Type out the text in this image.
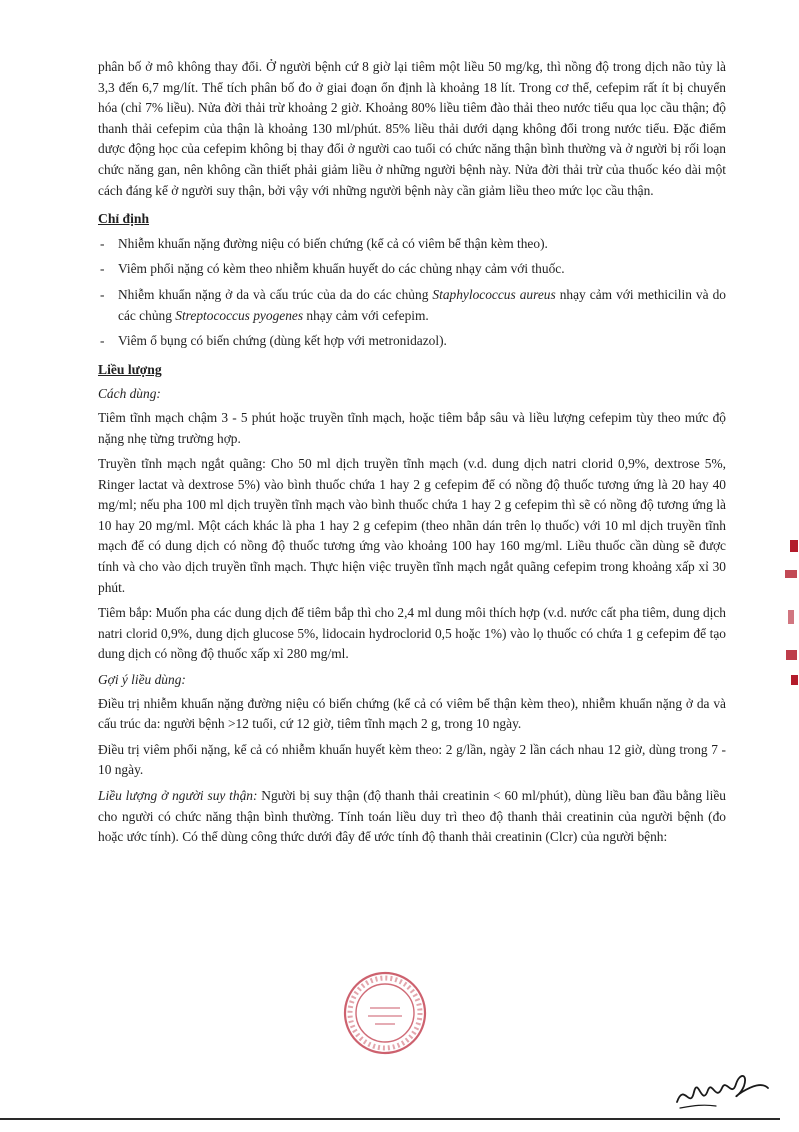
phân bố ở mô không thay đổi. Ở người bệnh cứ 8 giờ lại tiêm một liều 50 mg/kg, thì nồng độ trong dịch não tủy là 3,3 đến 6,7 mg/lít. Thể tích phân bố đo ở giai đoạn ổn định là khoảng 18 lít. Trong cơ thể, cefepim rất ít bị chuyển hóa (chỉ 7% liều). Nửa đời thải trừ khoảng 2 giờ. Khoảng 80% liều tiêm đào thải theo nước tiểu qua lọc cầu thận; độ thanh thải cefepim của thận là khoảng 130 ml/phút. 85% liều thải dưới dạng không đổi trong nước tiểu. Đặc điểm dược động học của cefepim không bị thay đổi ở người cao tuổi có chức năng thận bình thường và ở người bị rối loạn chức năng gan, nên không cần thiết phải giảm liều ở những người bệnh này. Nửa đời thải trừ của thuốc kéo dài một cách đáng kể ở người suy thận, bởi vậy với những người bệnh này cần giảm liều theo mức lọc cầu thận.

Chỉ định
- Nhiễm khuẩn nặng đường niệu có biến chứng (kể cả có viêm bể thận kèm theo).
- Viêm phổi nặng có kèm theo nhiễm khuẩn huyết do các chủng nhạy cảm với thuốc.
- Nhiễm khuẩn nặng ở da và cấu trúc của da do các chủng Staphylococcus aureus nhạy cảm với methicilin và do các chủng Streptococcus pyogenes nhạy cảm với cefepim.
- Viêm ổ bụng có biến chứng (dùng kết hợp với metronidazol).
Liều lượng
Cách dùng:

Tiêm tĩnh mạch chậm 3 - 5 phút hoặc truyền tĩnh mạch, hoặc tiêm bắp sâu và liều lượng cefepim tùy theo mức độ nặng nhẹ từng trường hợp.

Truyền tĩnh mạch ngắt quãng: Cho 50 ml dịch truyền tĩnh mạch (v.d. dung dịch natri clorid 0,9%, dextrose 5%, Ringer lactat và dextrose 5%) vào bình thuốc chứa 1 hay 2 g cefepim để có nồng độ thuốc tương ứng là 20 hay 40 mg/ml; nếu pha 100 ml dịch truyền tĩnh mạch vào bình thuốc chứa 1 hay 2 g cefepim thì sẽ có nồng độ tương ứng là 10 hay 20 mg/ml. Một cách khác là pha 1 hay 2 g cefepim (theo nhãn dán trên lọ thuốc) với 10 ml dịch truyền tĩnh mạch để có dung dịch có nồng độ thuốc tương ứng vào khoảng 100 hay 160 mg/ml. Liều thuốc cần dùng sẽ được tính và cho vào dịch truyền tĩnh mạch. Thực hiện việc truyền tĩnh mạch ngắt quãng cefepim trong khoảng xấp xỉ 30 phút.

Tiêm bắp: Muốn pha các dung dịch để tiêm bắp thì cho 2,4 ml dung môi thích hợp (v.d. nước cất pha tiêm, dung dịch natri clorid 0,9%, dung dịch glucose 5%, lidocain hydroclorid 0,5 hoặc 1%) vào lọ thuốc có chứa 1 g cefepim để tạo dung dịch có nồng độ thuốc xấp xỉ 280 mg/ml.

Gợi ý liều dùng:

Điều trị nhiễm khuẩn nặng đường niệu có biến chứng (kể cả có viêm bể thận kèm theo), nhiễm khuẩn nặng ở da và cấu trúc da: người bệnh >12 tuổi, cứ 12 giờ, tiêm tĩnh mạch 2 g, trong 10 ngày.

Điều trị viêm phổi nặng, kể cả có nhiễm khuẩn huyết kèm theo: 2 g/lần, ngày 2 lần cách nhau 12 giờ, dùng trong 7 - 10 ngày.

Liều lượng ở người suy thận: Người bị suy thận (độ thanh thải creatinin < 60 ml/phút), dùng liều ban đầu bằng liều cho người có chức năng thận bình thường. Tính toán liều duy trì theo độ thanh thải creatinin của người bệnh (đo hoặc ước tính). Có thể dùng công thức dưới đây để ước tính độ thanh thải creatinin (Clcr) của người bệnh:
